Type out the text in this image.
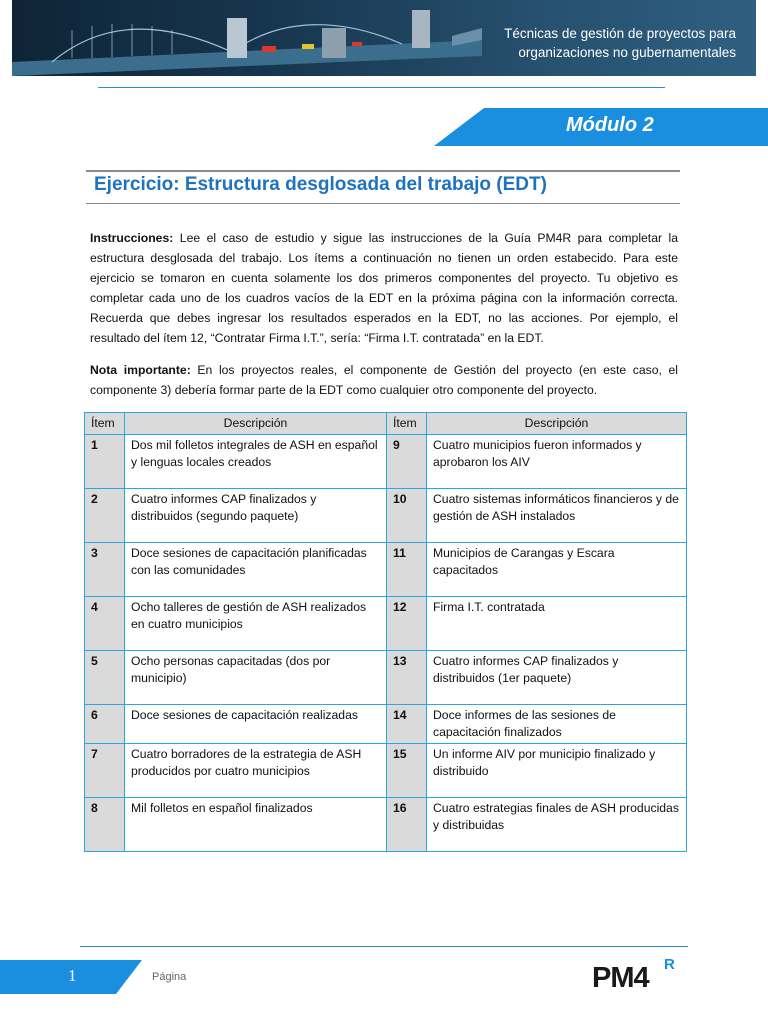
Técnicas de gestión de proyectos para
organizaciones no gubernamentales
Módulo 2
Ejercicio: Estructura desglosada del trabajo (EDT)

Instrucciones: Lee el caso de estudio y sigue las instrucciones de la Guía PM4R para completar la estructura desglosada del trabajo. Los ítems a continuación no tienen un orden estabecido. Para este ejercicio se tomaron en cuenta solamente los dos primeros componentes del proyecto. Tu objetivo es completar cada uno de los cuadros vacíos de la EDT en la próxima página con la información correcta. Recuerda que debes ingresar los resultados esperados en la EDT, no las acciones. Por ejemplo, el resultado del ítem 12, “Contratar Firma I.T.”, sería: “Firma I.T. contratada” en la EDT.

Nota importante: En los proyectos reales, el componente de Gestión del proyecto (en este caso, el componente 3) debería formar parte de la EDT como cualquier otro componente del proyecto.

Ítem	Descripción	Ítem	Descripción
1	Dos mil folletos integrales de ASH en español y lenguas locales creados	9	Cuatro municipios fueron informados y aprobaron los AIV
2	Cuatro informes CAP finalizados y distribuidos (segundo paquete)	10	Cuatro sistemas informáticos financieros y de gestión de ASH instalados
3	Doce sesiones de capacitación planificadas con las comunidades	11	Municipios de Carangas y Escara capacitados
4	Ocho talleres de gestión de ASH realizados en cuatro municipios	12	Firma I.T. contratada
5	Ocho personas capacitadas (dos por municipio)	13	Cuatro informes CAP finalizados y distribuidos (1er paquete)
6	Doce sesiones de capacitación realizadas	14	Doce informes de las sesiones de capacitación finalizados
7	Cuatro borradores de la estrategia de ASH producidos por cuatro municipios	15	Un informe AIV por municipio finalizado y distribuido
8	Mil folletos en español finalizados	16	Cuatro estrategias finales de ASH producidas y distribuidas
1	Página	PM4 R
